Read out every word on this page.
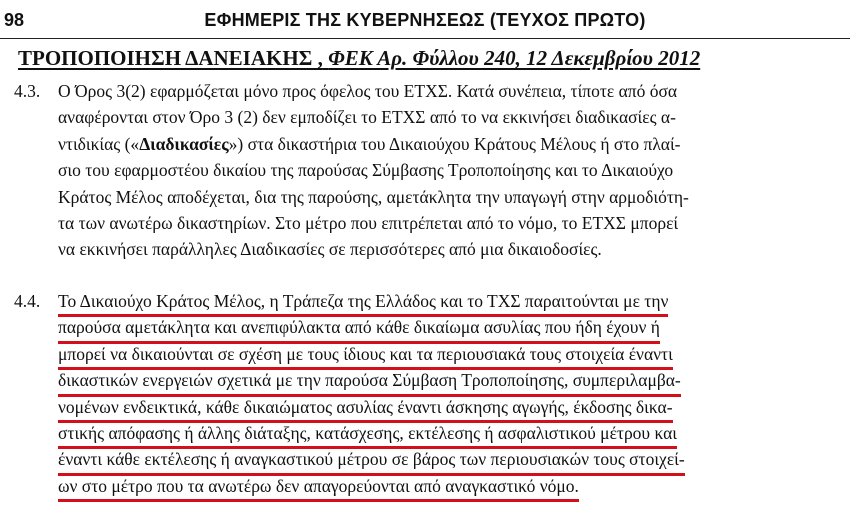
98	ΕΦΗΜΕΡΙΣ ΤΗΣ ΚΥΒΕΡΝΗΣΕΩΣ (ΤΕΥΧΟΣ ΠΡΩΤΟ)
ΤΡΟΠΟΠΟΙΗΣΗ ΔΑΝΕΙΑΚΗΣ , ΦΕΚ Αρ. Φύλλου 240, 12 Δεκεμβρίου 2012
4.3.	Ο Όρος 3(2) εφαρμόζεται μόνο προς όφελος του ΕΤΧΣ. Κατά συνέπεια, τίποτε από όσα
αναφέρονται στον Όρο 3 (2) δεν εμποδίζει το ΕΤΧΣ από το να εκκινήσει διαδικασίες α-
ντιδικίας («Διαδικασίες») στα δικαστήρια του Δικαιούχου Κράτους Μέλους ή στο πλαί-
σιο του εφαρμοστέου δικαίου της παρούσας Σύμβασης Τροποποίησης και το Δικαιούχο
Κράτος Μέλος αποδέχεται, δια της παρούσης, αμετάκλητα την υπαγωγή στην αρμοδιότη-
τα των ανωτέρω δικαστηρίων. Στο μέτρο που επιτρέπεται από το νόμο, το ΕΤΧΣ μπορεί
να εκκινήσει παράλληλες Διαδικασίες σε περισσότερες από μια δικαιοδοσίες.
4.4.	Το Δικαιούχο Κράτος Μέλος, η Τράπεζα της Ελλάδος και το ΤΧΣ παραιτούνται με την
παρούσα αμετάκλητα και ανεπιφύλακτα από κάθε δικαίωμα ασυλίας που ήδη έχουν ή
μπορεί να δικαιούνται σε σχέση με τους ίδιους και τα περιουσιακά τους στοιχεία έναντι
δικαστικών ενεργειών σχετικά με την παρούσα Σύμβαση Τροποποίησης, συμπεριλαμβα-
νομένων ενδεικτικά, κάθε δικαιώματος ασυλίας έναντι άσκησης αγωγής, έκδοσης δικα-
στικής απόφασης ή άλλης διάταξης, κατάσχεσης, εκτέλεσης ή ασφαλιστικού μέτρου και
έναντι κάθε εκτέλεσης ή αναγκαστικού μέτρου σε βάρος των περιουσιακών τους στοιχεί-
ων στο μέτρο που τα ανωτέρω δεν απαγορεύονται από αναγκαστικό νόμο.
